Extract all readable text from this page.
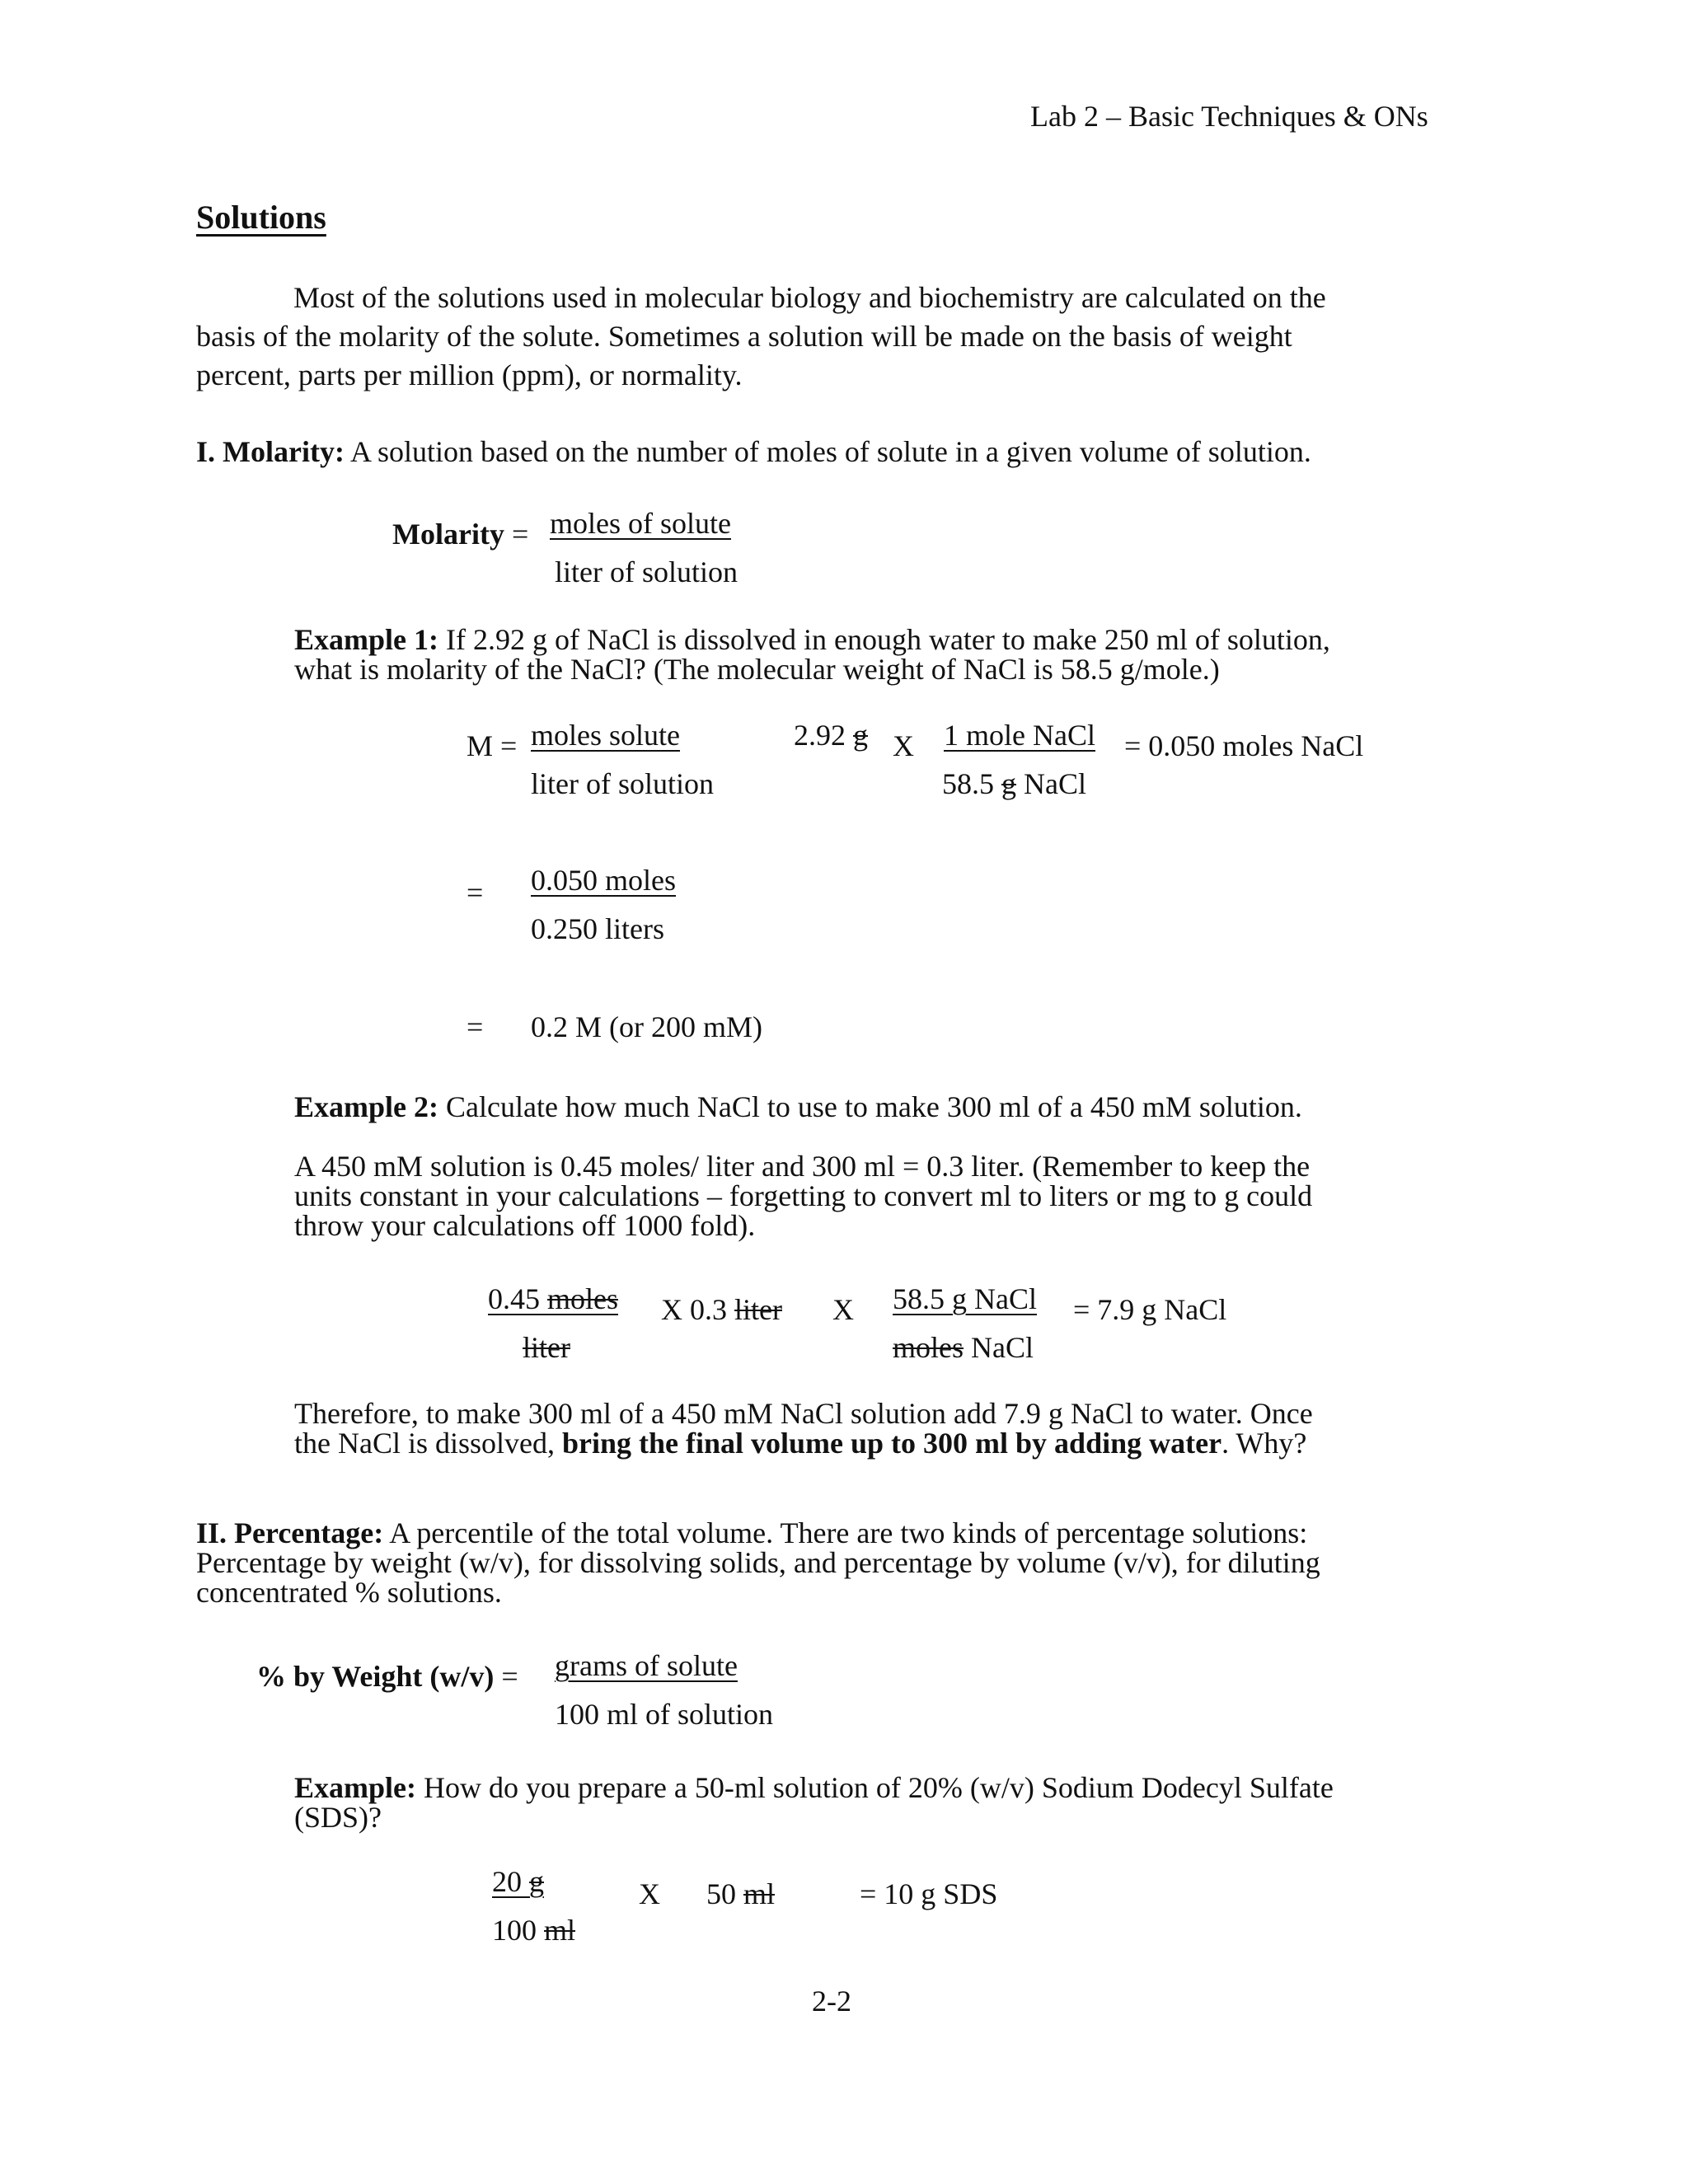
Lab 2 – Basic Techniques & ONs
Solutions
Most of the solutions used in molecular biology and biochemistry are calculated on the
basis of the molarity of the solute. Sometimes a solution will be made on the basis of weight
percent, parts per million (ppm), or normality.
I. Molarity: A solution based on the number of moles of solute in a given volume of solution.
Molarity = moles of solute
liter of solution
Example 1: If 2.92 g of NaCl is dissolved in enough water to make 250 ml of solution,
what is molarity of the NaCl? (The molecular weight of NaCl is 58.5 g/mole.)
M = moles solute
liter of solution
2.92 g X 1 mole NaCl
58.5 g NaCl
= 0.050 moles NaCl
= 0.050 moles
0.250 liters
= 0.2 M (or 200 mM)
Example 2: Calculate how much NaCl to use to make 300 ml of a 450 mM solution.
A 450 mM solution is 0.45 moles/ liter and 300 ml = 0.3 liter. (Remember to keep the
units constant in your calculations – forgetting to convert ml to liters or mg to g could
throw your calculations off 1000 fold).
0.45 moles
liter
X 0.3 liter X 58.5 g NaCl
moles NaCl
= 7.9 g NaCl
Therefore, to make 300 ml of a 450 mM NaCl solution add 7.9 g NaCl to water. Once
the NaCl is dissolved, bring the final volume up to 300 ml by adding water. Why?
II. Percentage: A percentile of the total volume. There are two kinds of percentage solutions:
Percentage by weight (w/v), for dissolving solids, and percentage by volume (v/v), for diluting
concentrated % solutions.
% by Weight (w/v) = grams of solute
100 ml of solution
Example: How do you prepare a 50-ml solution of 20% (w/v) Sodium Dodecyl Sulfate
(SDS)?
20 g
100 ml
X 50 ml	= 10 g SDS
2-2
